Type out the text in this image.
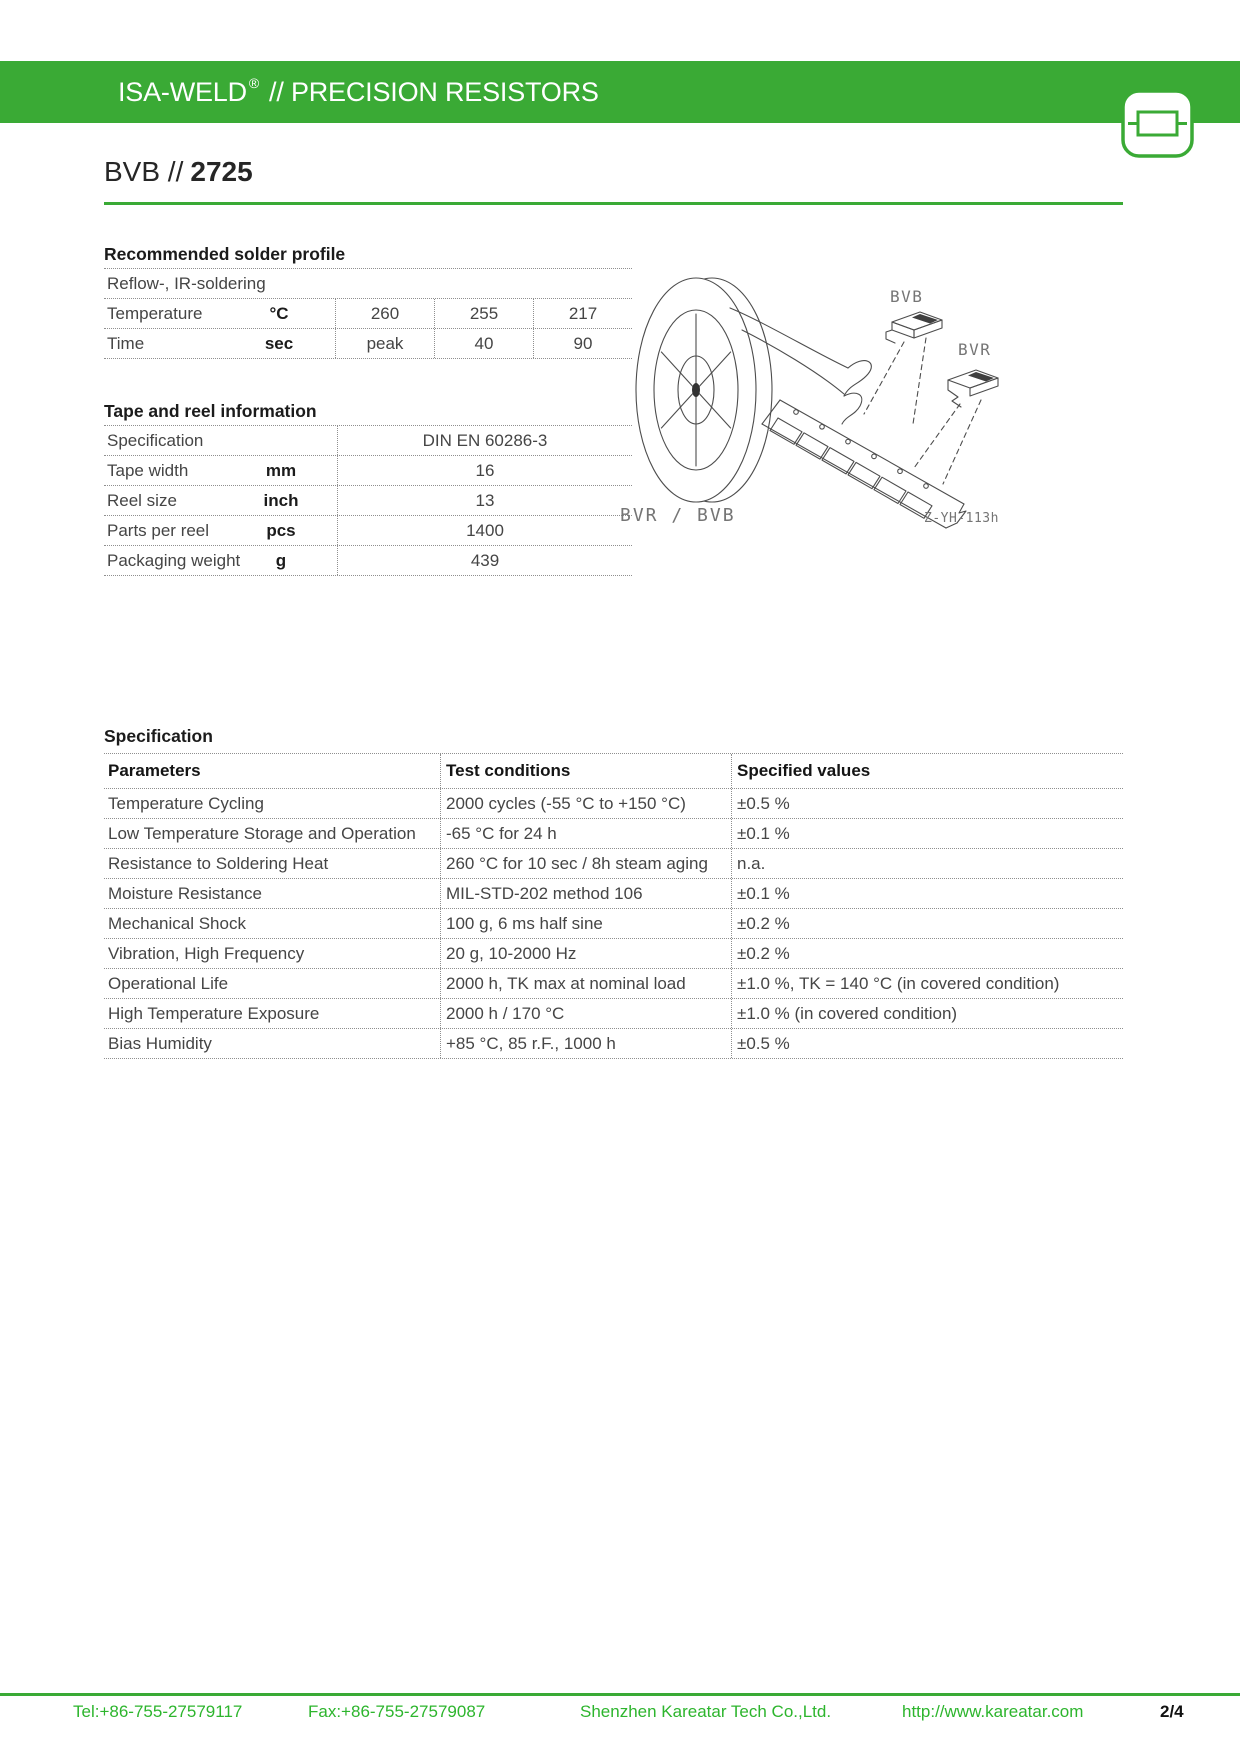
ISA-WELD ® // PRECISION RESISTORS
BVB // 2725
Recommended solder profile
Reflow-, IR-soldering
Temperature	°C	260	255	217
Time	sec	peak	40	90
Tape and reel information
Specification	DIN EN 60286-3
Tape width	mm	16
Reel size	inch	13
Parts per reel	pcs	1400
Packaging weight	g	439
BVB
BVR
BVR / BVB	Z-YH-113h
Specification
Parameters	Test conditions	Specified values
Temperature Cycling	2000 cycles (-55 °C to +150 °C)	±0.5 %
Low Temperature Storage and Operation	-65 °C for 24 h	±0.1 %
Resistance to Soldering Heat	260 °C for 10 sec / 8h steam aging	n.a.
Moisture Resistance	MIL-STD-202 method 106	±0.1 %
Mechanical Shock	100 g, 6 ms half sine	±0.2 %
Vibration, High Frequency	20 g, 10-2000 Hz	±0.2 %
Operational Life	2000 h, TK max at nominal load	±1.0 %, TK = 140 °C (in covered condition)
High Temperature Exposure	2000 h / 170 °C	±1.0 % (in covered condition)
Bias Humidity	+85 °C, 85 r.F., 1000 h	±0.5 %
Tel:+86-755-27579117	Fax:+86-755-27579087	Shenzhen Kareatar Tech Co.,Ltd.	http://www.kareatar.com	2/4
